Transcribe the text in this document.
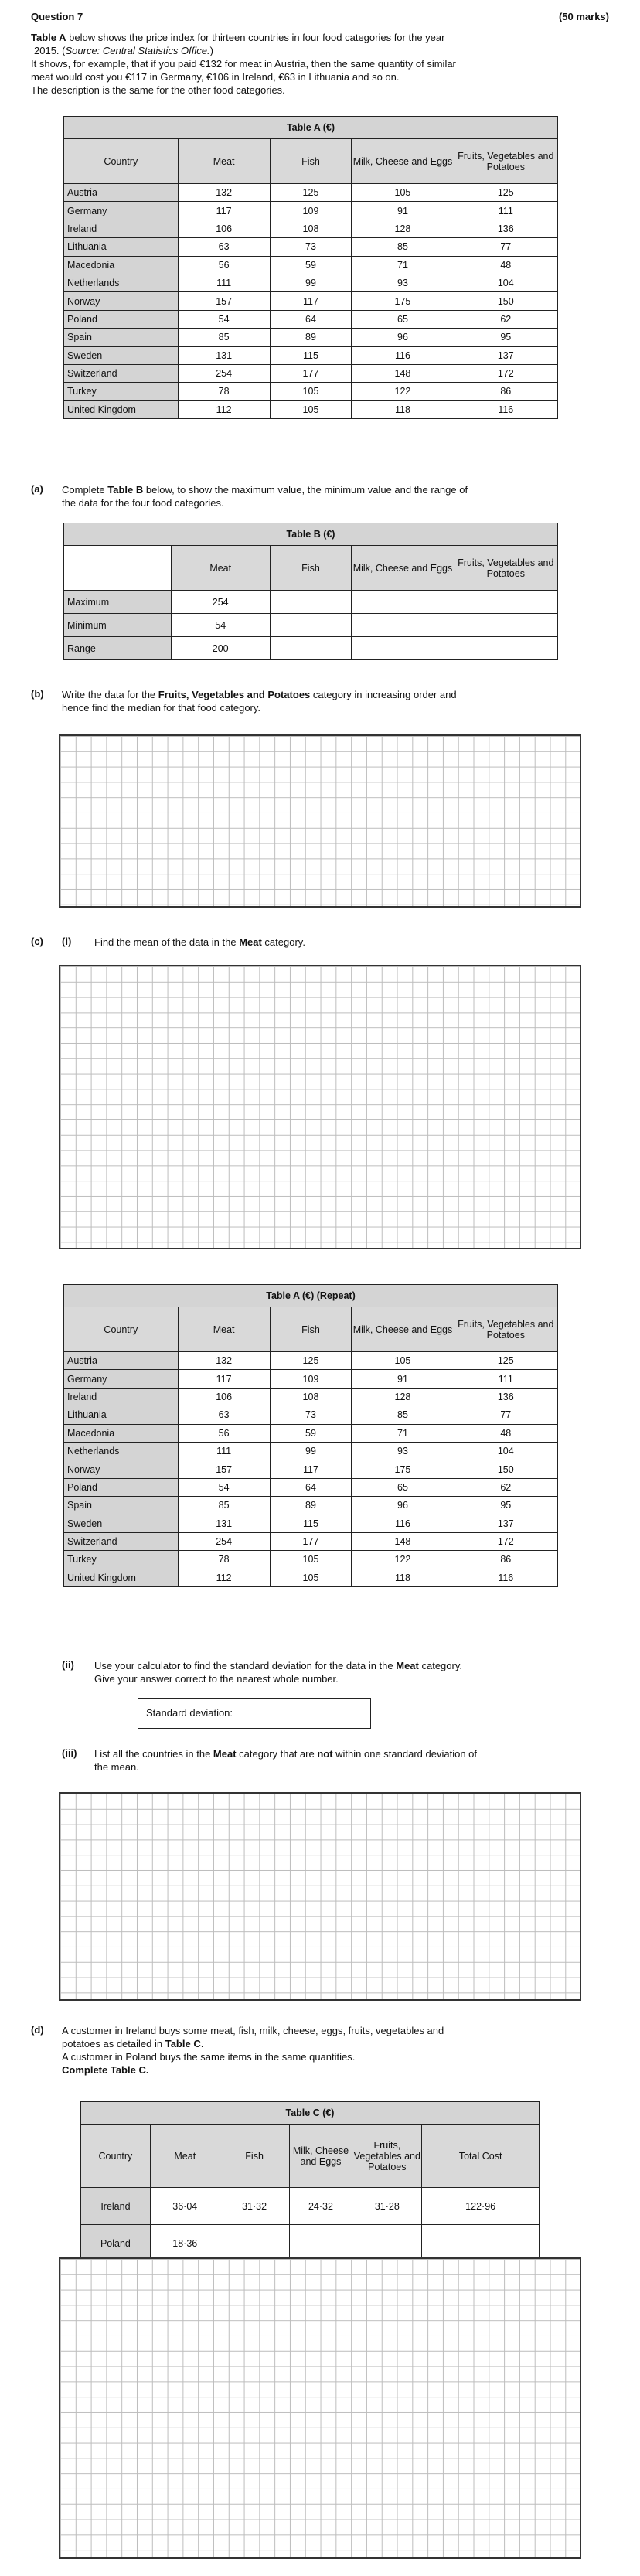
Question 7	(50 marks)
Table A below shows the price index for thirteen countries in four food categories for the year
2015. (Source: Central Statistics Office.)
It shows, for example, that if you paid €132 for meat in Austria, then the same quantity of similar
meat would cost you €117 in Germany, €106 in Ireland, €63 in Lithuania and so on.
The description is the same for the other food categories.
Table A (€)				
Country	Meat	Fish	Milk, Cheese and Eggs	Fruits, Vegetables and Potatoes
Austria	132	125	105	125
Germany	117	109	91	111
Ireland	106	108	128	136
Lithuania	63	73	85	77
Macedonia	56	59	71	48
Netherlands	111	99	93	104
Norway	157	117	175	150
Poland	54	64	65	62
Spain	85	89	96	95
Sweden	131	115	116	137
Switzerland	254	177	148	172
Turkey	78	105	122	86
United Kingdom	112	105	118	116
(a) Complete Table B below, to show the maximum value, the minimum value and the range of
the data for the four food categories.
Table B (€)				
	Meat	Fish	Milk, Cheese and Eggs	Fruits, Vegetables and Potatoes
Maximum	254			
Minimum	54			
Range	200			
(b) Write the data for the Fruits, Vegetables and Potatoes category in increasing order and
hence find the median for that food category.
(c) (i) Find the mean of the data in the Meat category.
Table A (€) (Repeat)				
Country	Meat	Fish	Milk, Cheese and Eggs	Fruits, Vegetables and Potatoes
Austria	132	125	105	125
Germany	117	109	91	111
Ireland	106	108	128	136
Lithuania	63	73	85	77
Macedonia	56	59	71	48
Netherlands	111	99	93	104
Norway	157	117	175	150
Poland	54	64	65	62
Spain	85	89	96	95
Sweden	131	115	116	137
Switzerland	254	177	148	172
Turkey	78	105	122	86
United Kingdom	112	105	118	116
(ii) Use your calculator to find the standard deviation for the data in the Meat category.
Give your answer correct to the nearest whole number.
Standard deviation:
(iii) List all the countries in the Meat category that are not within one standard deviation of
the mean.
(d) A customer in Ireland buys some meat, fish, milk, cheese, eggs, fruits, vegetables and
potatoes as detailed in Table C.
A customer in Poland buys the same items in the same quantities.
Complete Table C.
Table C (€)					
Country	Meat	Fish	Milk, Cheese and Eggs	Fruits, Vegetables and Potatoes	Total Cost
Ireland	36·04	31·32	24·32	31·28	122·96
Poland	18·36				
